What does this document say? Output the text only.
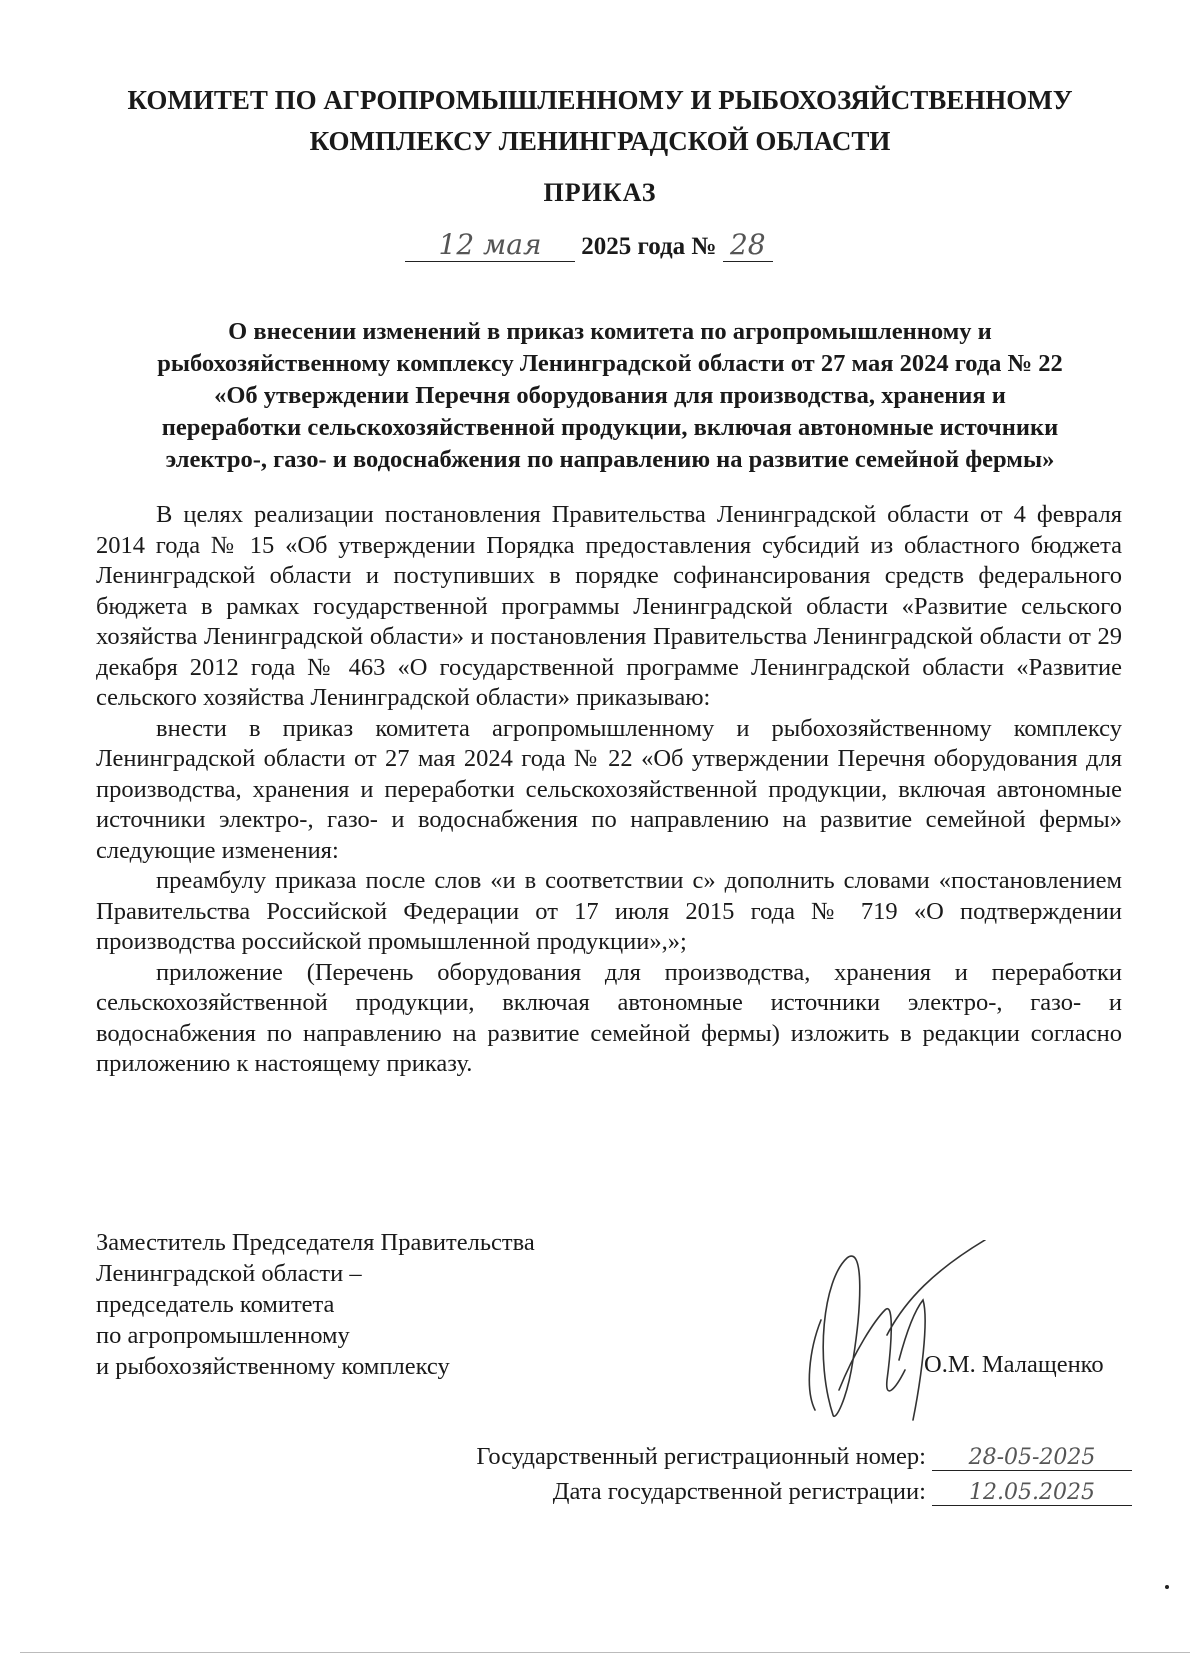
КОМИТЕТ ПО АГРОПРОМЫШЛЕННОМУ И РЫБОХОЗЯЙСТВЕННОМУ
КОМПЛЕКСУ ЛЕНИНГРАДСКОЙ ОБЛАСТИ
ПРИКАЗ
12 мая 2025 года № 28
О внесении изменений в приказ комитета по агропромышленному и
рыбохозяйственному комплексу Ленинградской области от 27 мая 2024 года № 22
«Об утверждении Перечня оборудования для производства, хранения и
переработки сельскохозяйственной продукции, включая автономные источники
электро-, газо- и водоснабжения по направлению на развитие семейной фермы»

В целях реализации постановления Правительства Ленинградской области от 4 февраля 2014 года № 15 «Об утверждении Порядка предоставления субсидий из областного бюджета Ленинградской области и поступивших в порядке софинансирования средств федерального бюджета в рамках государственной программы Ленинградской области «Развитие сельского хозяйства Ленинградской области» и постановления Правительства Ленинградской области от 29 декабря 2012 года № 463 «О государственной программе Ленинградской области «Развитие сельского хозяйства Ленинградской области» приказываю:

внести в приказ комитета агропромышленному и рыбохозяйственному комплексу Ленинградской области от 27 мая 2024 года № 22 «Об утверждении Перечня оборудования для производства, хранения и переработки сельскохозяйственной продукции, включая автономные источники электро-, газо- и водоснабжения по направлению на развитие семейной фермы» следующие изменения:

преамбулу приказа после слов «и в соответствии с» дополнить словами «постановлением Правительства Российской Федерации от 17 июля 2015 года № 719 «О подтверждении производства российской промышленной продукции»,»;

приложение (Перечень оборудования для производства, хранения и переработки сельскохозяйственной продукции, включая автономные источники электро-, газо- и водоснабжения по направлению на развитие семейной фермы) изложить в редакции согласно приложению к настоящему приказу.

Заместитель Председателя Правительства
Ленинградской области –
председатель комитета
по агропромышленному
и рыбохозяйственному комплексу	О.М. Малащенко
Государственный регистрационный номер: 28-05-2025
Дата государственной регистрации: 12.05.2025
